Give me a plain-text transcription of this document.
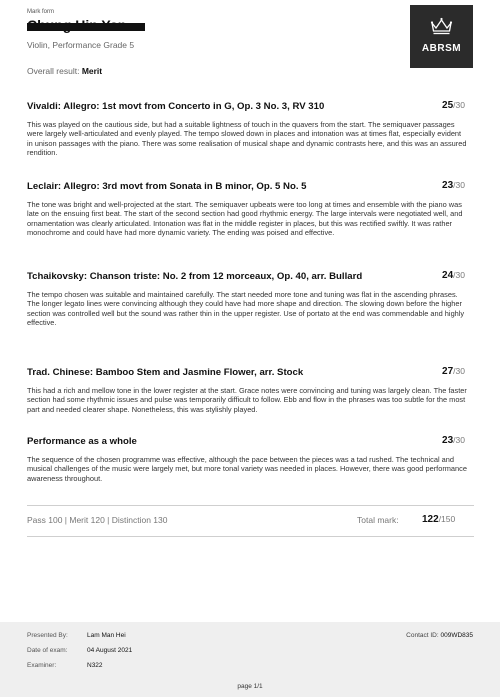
Mark form
Violin, Performance Grade 5
Overall result: Merit
ABRSM
Vivaldi: Allegro: 1st movt from Concerto in G, Op. 3 No. 3, RV 310	25/30
This was played on the cautious side, but had a suitable lightness of touch in the quavers from the start. The semiquaver passages were largely well-articulated and evenly played. The tempo slowed down in places and intonation was at times flat, especially evident in unison passages with the piano. There was some realisation of musical shape and dynamic contrasts here, and this was an assured rendition.
Leclair: Allegro: 3rd movt from Sonata in B minor, Op. 5 No. 5	23/30
The tone was bright and well-projected at the start. The semiquaver upbeats were too long at times and ensemble with the piano was late on the ensuing first beat. The start of the second section had good rhythmic energy. The large intervals were negotiated well, and ornamentation was clearly articulated. Intonation was flat in the middle register in places, but this was rectified swiftly. It was rather monochrome and could have had more dynamic variety. The ending was poised and effective.
Tchaikovsky: Chanson triste: No. 2 from 12 morceaux, Op. 40, arr. Bullard	24/30
The tempo chosen was suitable and maintained carefully. The start needed more tone and tuning was flat in the ascending phrases. The longer legato lines were convincing although they could have had more shape and direction. The slowing down before the higher section was controlled well but the sound was rather thin in the upper register. Use of portato at the end was commendable and highly effective.
Trad. Chinese: Bamboo Stem and Jasmine Flower, arr. Stock	27/30
This had a rich and mellow tone in the lower register at the start. Grace notes were convincing and tuning was largely clean. The faster section had some rhythmic issues and pulse was temporarily difficult to follow. Ebb and flow in the phrases was too subtle for the most part and needed clearer shape. Nonetheless, this was stylishly played.
Performance as a whole	23/30
The sequence of the chosen programme was effective, although the pace between the pieces was a tad rushed. The technical and musical challenges of the music were largely met, but more tonal variety was needed in places. However, there was good performance awareness throughout.
Pass 100 | Merit 120 | Distinction 130	Total mark: 122/150
Presented By:	Lam Man Hei
Date of exam:	04 August 2021
Examiner:	N322
Contact ID: 009WD835
page 1/1
